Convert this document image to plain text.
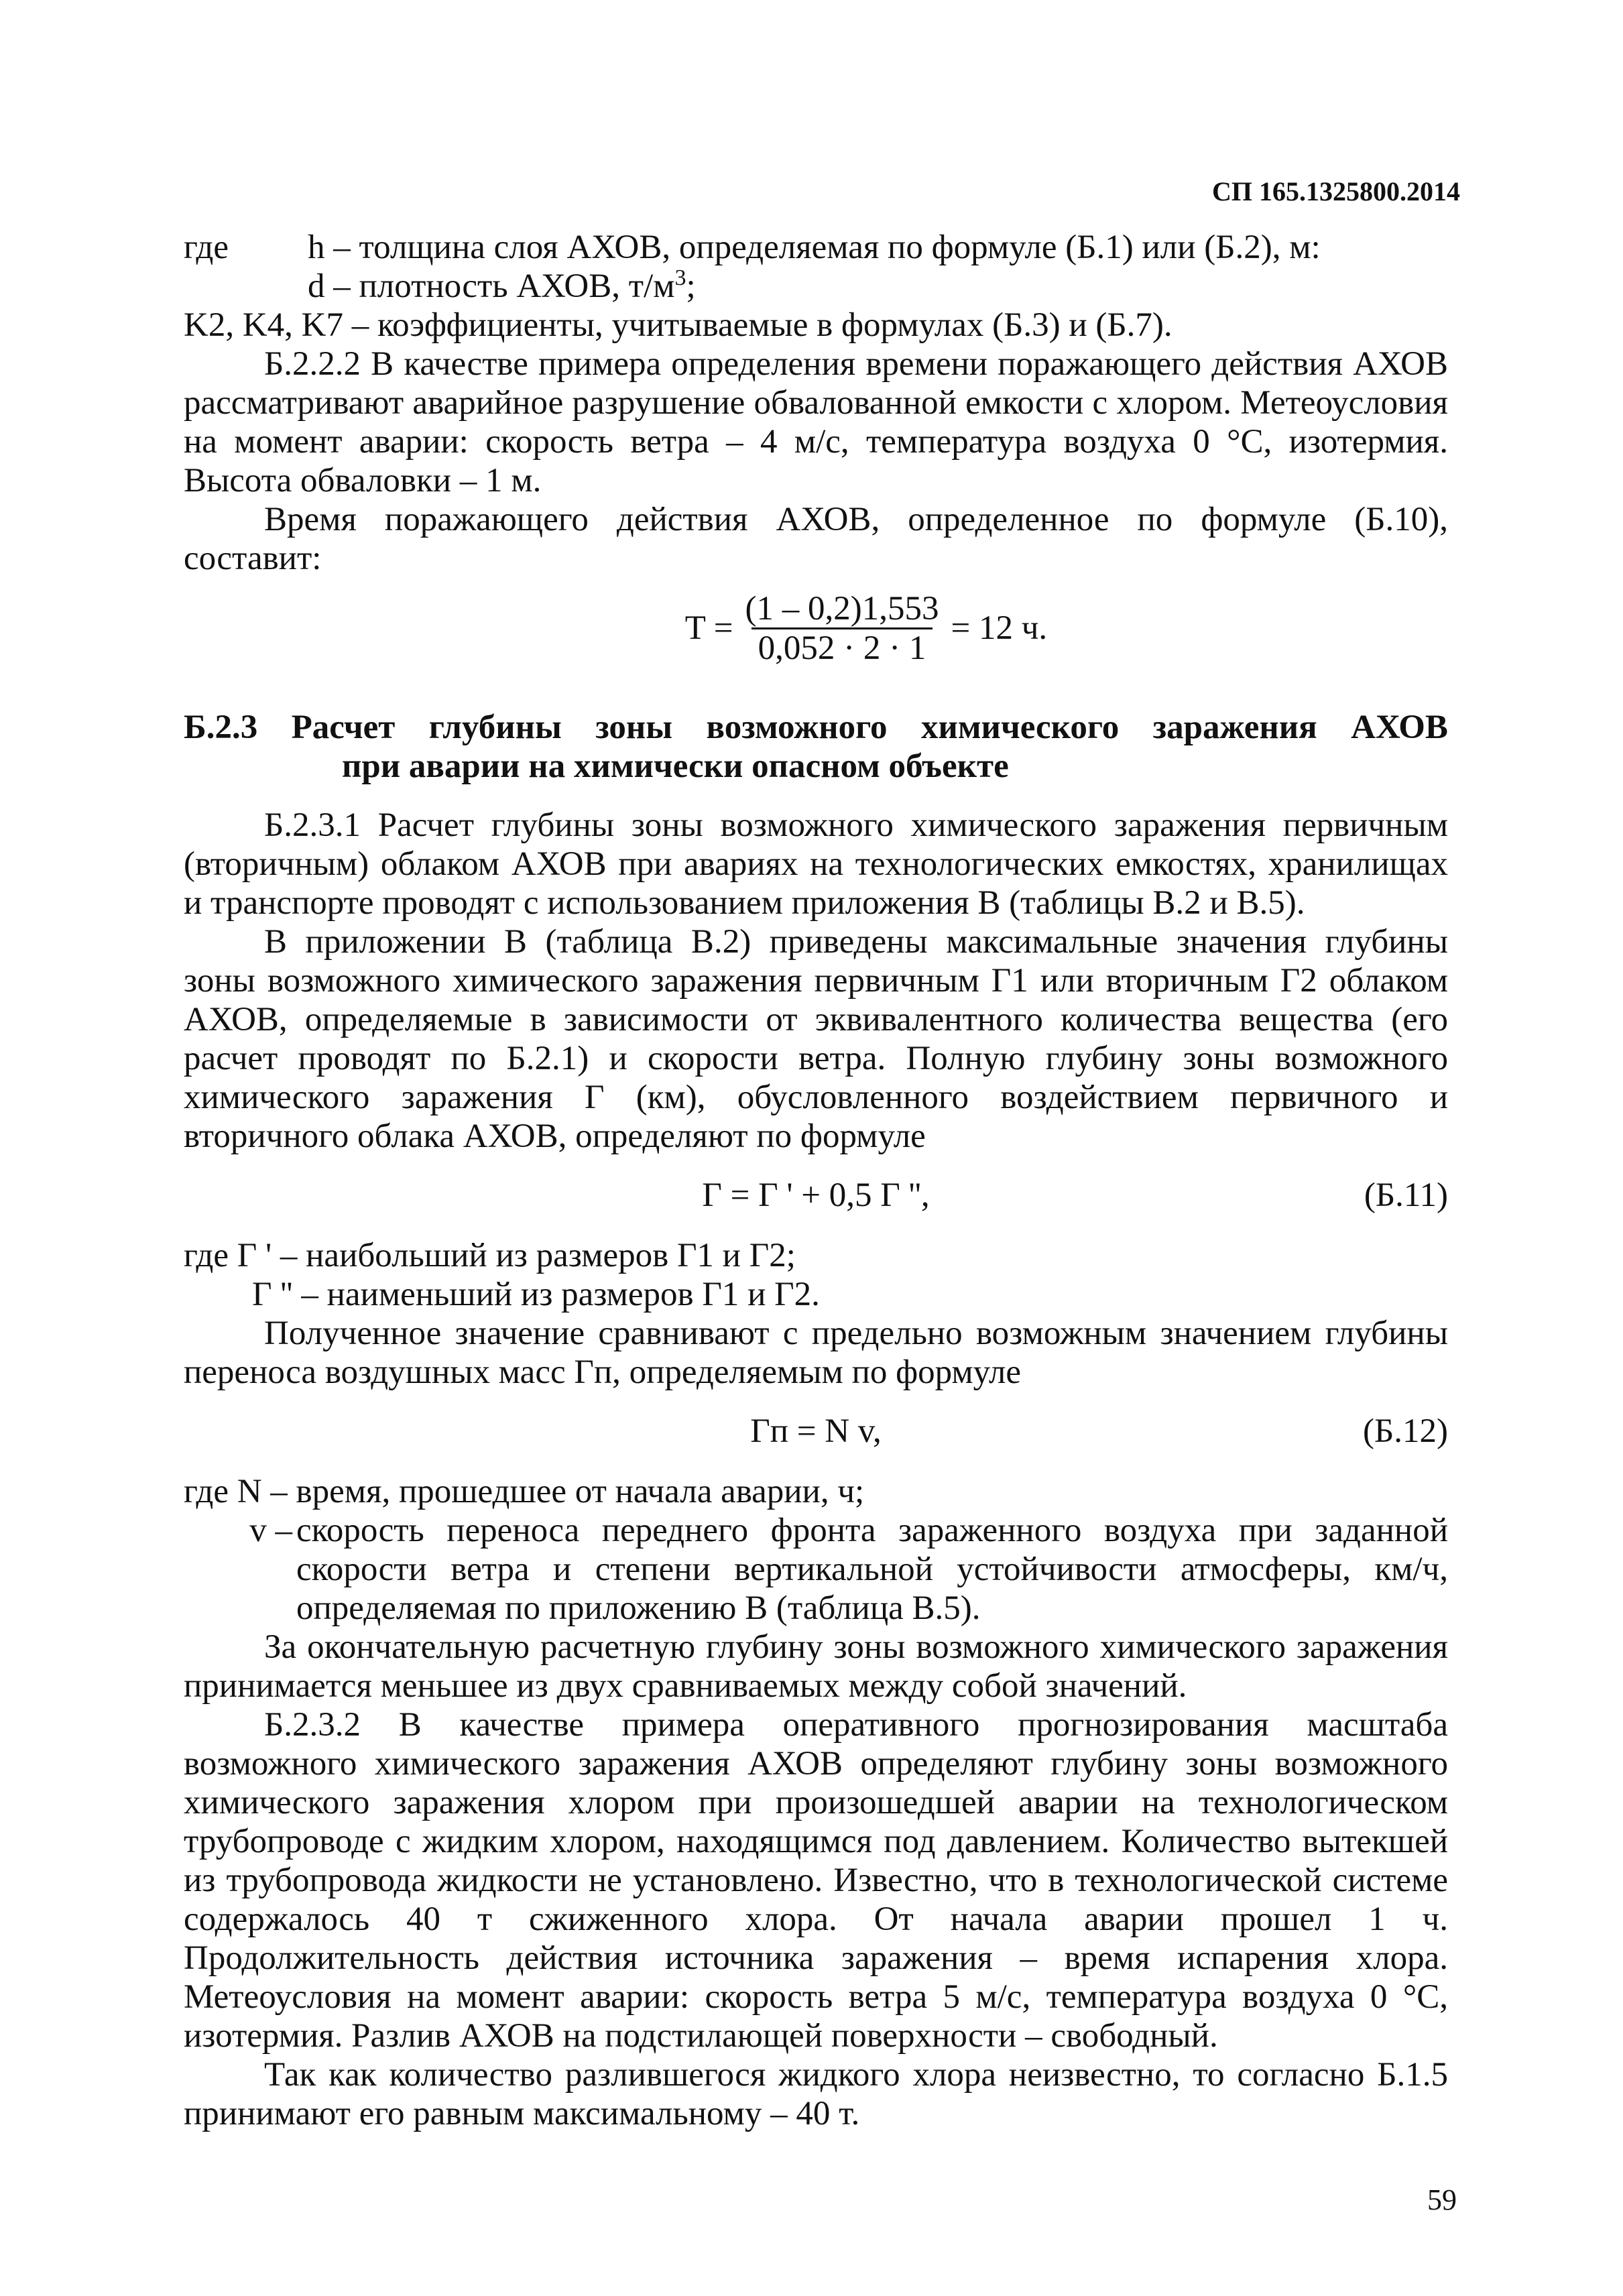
СП 165.1325800.2014
где	h – толщина слоя АХОВ, определяемая по формуле (Б.1) или (Б.2), м:
d – плотность АХОВ, $т/м^3$;

K2, K4, K7 – коэффициенты, учитываемые в формулах (Б.3) и (Б.7).

Б.2.2.2 В качестве примера определения времени поражающего действия АХОВ рассматривают аварийное разрушение обвалованной емкости с хлором. Метеоусловия на момент аварии: скорость ветра – 4 м/с, температура воздуха 0 °С, изотермия. Высота обваловки – 1 м.

Время поражающего действия АХОВ, определенное по формуле (Б.10), составит:

$T = \frac{(1 - 0,2)1,553}{0,052 \cdot 2 \cdot 1} = 12$ ч.
Б.2.3 Расчет глубины зоны возможного химического заражения АХОВ
при аварии на химически опасном объекте

Б.2.3.1 Расчет глубины зоны возможного химического заражения первичным (вторичным) облаком АХОВ при авариях на технологических емкостях, хранилищах и транспорте проводят с использованием приложения В (таблицы В.2 и В.5).

В приложении В (таблица В.2) приведены максимальные значения глубины зоны возможного химического заражения первичным Г1 или вторичным Г2 облаком АХОВ, определяемые в зависимости от эквивалентного количества вещества (его расчет проводят по Б.2.1) и скорости ветра. Полную глубину зоны возможного химического заражения Г (км), обусловленного воздействием первичного и вторичного облака АХОВ, определяют по формуле

Г = Г ' + 0,5 Г '',	(Б.11)

где Г ' – наибольший из размеров Г1 и Г2;

Г '' – наименьший из размеров Г1 и Г2.

Полученное значение сравнивают с предельно возможным значением глубины переноса воздушных масс Гп, определяемым по формуле

Гп = N v,	(Б.12)

где N – время, прошедшее от начала аварии, ч;

v – скорость переноса переднего фронта зараженного воздуха при заданной скорости ветра и степени вертикальной устойчивости атмосферы, км/ч, определяемая по приложению В (таблица В.5).

За окончательную расчетную глубину зоны возможного химического заражения принимается меньшее из двух сравниваемых между собой значений.

Б.2.3.2 В качестве примера оперативного прогнозирования масштаба возможного химического заражения АХОВ определяют глубину зоны возможного химического заражения хлором при произошедшей аварии на технологическом трубопроводе с жидким хлором, находящимся под давлением. Количество вытекшей из трубопровода жидкости не установлено. Известно, что в технологической системе содержалось 40 т сжиженного хлора. От начала аварии прошел 1 ч. Продолжительность действия источника заражения – время испарения хлора. Метеоусловия на момент аварии: скорость ветра 5 м/с, температура воздуха 0 °С, изотермия. Разлив АХОВ на подстилающей поверхности – свободный.

Так как количество разлившегося жидкого хлора неизвестно, то согласно Б.1.5 принимают его равным максимальному – 40 т.

59
